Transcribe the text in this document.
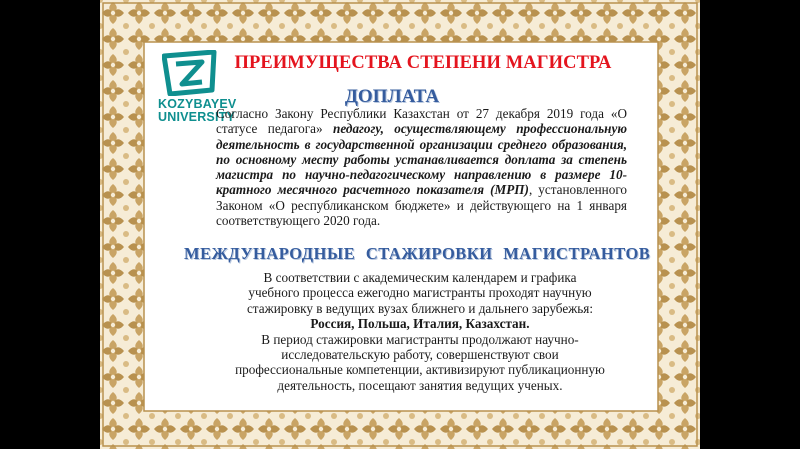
KOZYBAYEV
UNIVERSITY
ПРЕИМУЩЕСТВА СТЕПЕНИ МАГИСТРА
ДОПЛАТА
Согласно Закону Республики Казахстан от 27 декабря 2019 года «О статусе педагога» педагогу, осуществляющему профессиональную деятельность в государственной организации среднего образования, по основному месту работы устанавливается доплата за степень магистра по научно-педагогическому направлению в размере 10-кратного месячного расчетного показателя (МРП), установленного Законом «О республиканском бюджете» и действующего на 1 января соответствующего 2020 года.
МЕЖДУНАРОДНЫЕ СТАЖИРОВКИ МАГИСТРАНТОВ
В соответствии с академическим календарем и графика
учебного процесса ежегодно магистранты проходят научную
стажировку в ведущих вузах ближнего и дальнего зарубежья:
Россия, Польша, Италия, Казахстан.
В период стажировки магистранты продолжают научно-
исследовательскую работу, совершенствуют свои
профессиональные компетенции, активизируют публикационную
деятельность, посещают занятия ведущих ученых.
